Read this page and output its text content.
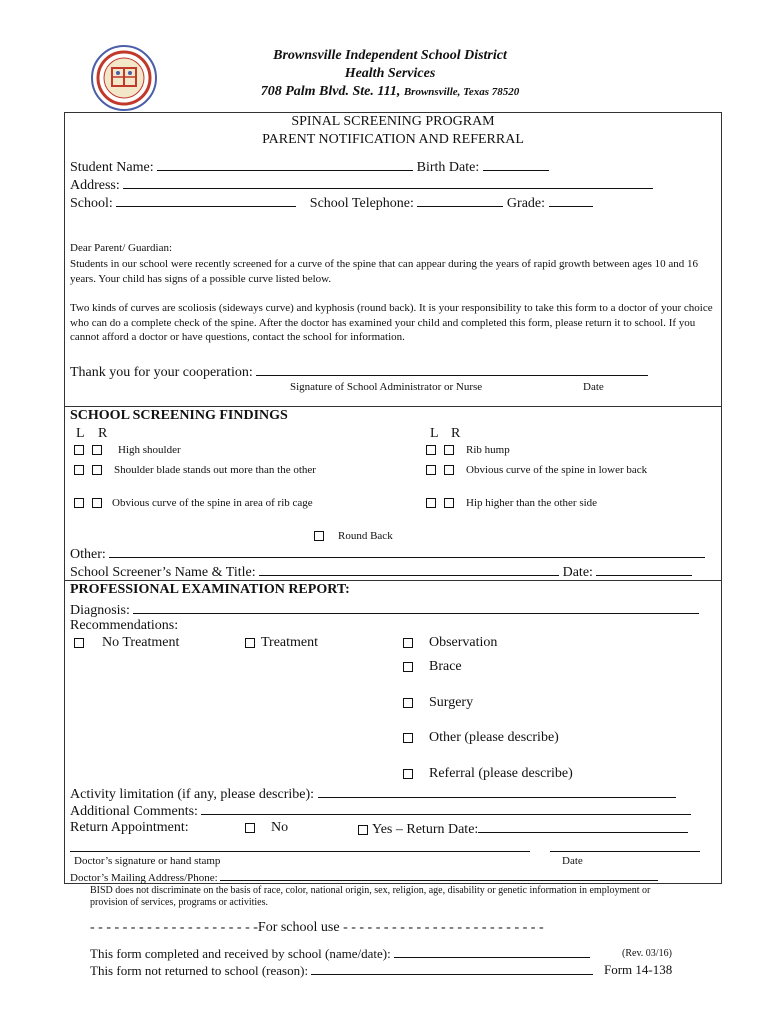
Brownsville Independent School District
Health Services
708 Palm Blvd. Ste. 111, Brownsville, Texas 78520
SPINAL SCREENING PROGRAM
PARENT NOTIFICATION AND REFERRAL
Student Name:	Birth Date:
Address:
School:	School Telephone:	Grade:
Dear Parent/ Guardian:
Students in our school were recently screened for a curve of the spine that can appear during the years of rapid growth between ages 10 and 16 years. Your child has signs of a possible curve listed below.
Two kinds of curves are scoliosis (sideways curve) and kyphosis (round back). It is your responsibility to take this form to a doctor of your choice who can do a complete check of the spine. After the doctor has examined your child and completed this form, please return it to school. If you cannot afford a doctor or have questions, contact the school for information.
Thank you for your cooperation:
Signature of School Administrator or Nurse	Date
SCHOOL SCREENING FINDINGS
L R	L R
High shoulder
Shoulder blade stands out more than the other
Obvious curve of the spine in area of rib cage
Rib hump
Obvious curve of the spine in lower back
Hip higher than the other side
Round Back
Other:
School Screener’s Name & Title:	Date:
PROFESSIONAL EXAMINATION REPORT:
Diagnosis:
Recommendations:
No Treatment	Treatment	Observation
Brace
Surgery
Other (please describe)
Referral (please describe)
Activity limitation (if any, please describe):
Additional Comments:
Return Appointment:	No	Yes – Return Date:
Doctor’s signature or hand stamp	Date
Doctor’s Mailing Address/Phone:
BISD does not discriminate on the basis of race, color, national origin, sex, religion, age, disability or genetic information in employment or provision of services, programs or activities.
- - - - - - - - - - - - - - - - - - - - -For school use - - - - - - - - - - - - - - - - - - - - - - - - -
This form completed and received by school (name/date):	(Rev. 03/16)
This form not returned to school (reason):	Form 14-138
